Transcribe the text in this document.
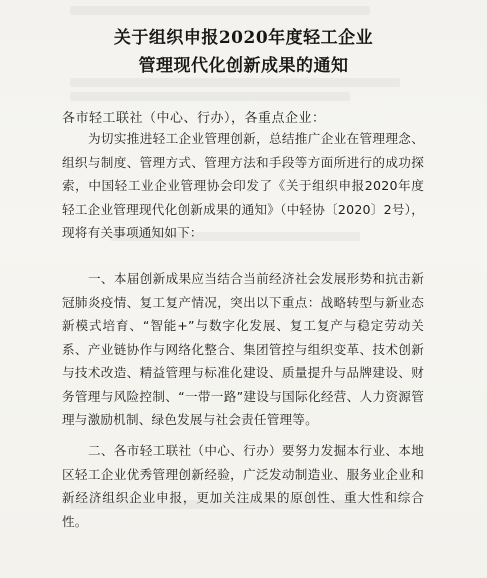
关于组织申报2020年度轻工企业
管理现代化创新成果的通知
各市轻工联社（中心、行办），各重点企业：
为切实推进轻工企业管理创新，总结推广企业在管理理念、组织与制度、管理方式、管理方法和手段等方面所进行的成功探索，中国轻工业企业管理协会印发了《关于组织申报2020年度轻工企业管理现代化创新成果的通知》（中轻协〔2020〕2号），现将有关事项通知如下：
一、本届创新成果应当结合当前经济社会发展形势和抗击新冠肺炎疫情、复工复产情况，突出以下重点：战略转型与新业态新模式培育、“智能+”与数字化发展、复工复产与稳定劳动关系、产业链协作与网络化整合、集团管控与组织变革、技术创新与技术改造、精益管理与标准化建设、质量提升与品牌建设、财务管理与风险控制、“一带一路”建设与国际化经营、人力资源管理与激励机制、绿色发展与社会责任管理等。
二、各市轻工联社（中心、行办）要努力发掘本行业、本地区轻工企业优秀管理创新经验，广泛发动制造业、服务业企业和新经济组织企业申报，更加关注成果的原创性、重大性和综合性。
